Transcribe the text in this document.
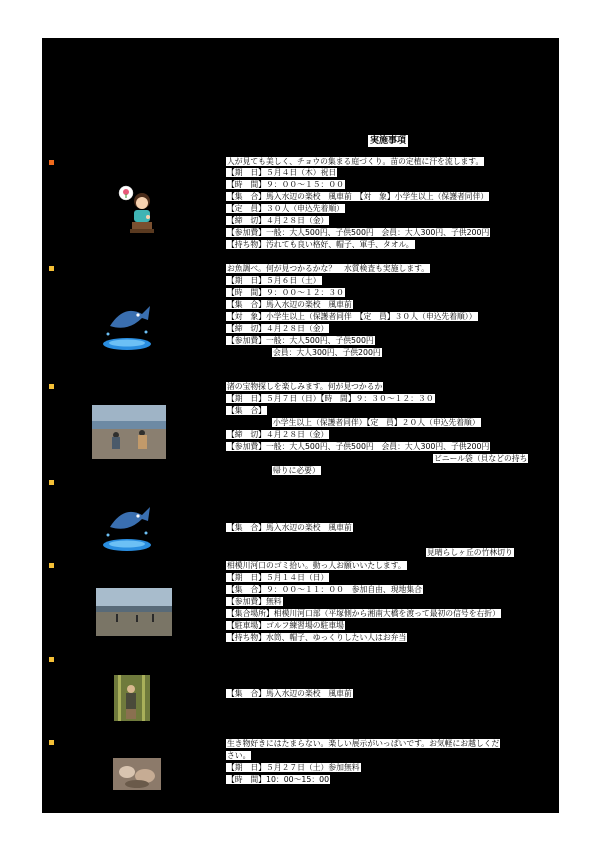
実施事項
人が見ても美しく、チョウの集まる庭づくり。苗の定植に汗を流します。
【期　日】５月４日（木）祝日
【時　間】９：００～１５：００
【集　合】馬入水辺の楽校　風車前　【対　象】小学生以上（保護者同伴）
【定　員】３０人（申込先着順）
【締　切】４月２８日（金）
【参加費】一般：大人500円、子供500円　会員：大人300円、子供200円
【持ち物】汚れても良い格好、帽子、軍手、タオル。
お魚調べ。何が見つかるかな？　水質検査も実施します。
【期　日】５月６日（土）
【時　間】９：００～１２：３０
【集　合】馬入水辺の楽校　風車前
【対　象】小学生以上（保護者同伴　【定　員】３０人（申込先着順））
【締　切】４月２８日（金）
【参加費】一般：大人500円、子供500円
会員：大人300円、子供200円
渚の宝物探しを楽しみます。何が見つかるか
【期　日】５月７日（日）【時　間】９：３０～１２：３０
【集　合】
小学生以上（保護者同伴）【定　員】２０人（申込先着順）
【締　切】４月２８日（金）
【参加費】一般：大人500円、子供500円　会員：大人300円、子供200円
ビニール袋（貝などの持ち
帰りに必要）
【集　合】馬入水辺の楽校　風車前
見晴らしヶ丘の竹林切り
相模川河口のゴミ拾い。動っ人お願いいたします。
【期　日】５月１４日（日）
【集　合】９：００～１１：００　参加自由、現地集合
【参加費】無料
【集合場所】相模川河口部（平塚側から湘南大橋を渡って最初の信号を右折）
【駐車場】ゴルフ練習場の駐車場
【持ち物】水筒、帽子、ゆっくりしたい人はお弁当
【集　合】馬入水辺の楽校　風車前
生き物好きにはたまらない。楽しい展示がいっぱいです。お気軽にお越しくだ
さい。
【期　日】５月２７日（土）参加無料
【時　間】10：00～15：00
